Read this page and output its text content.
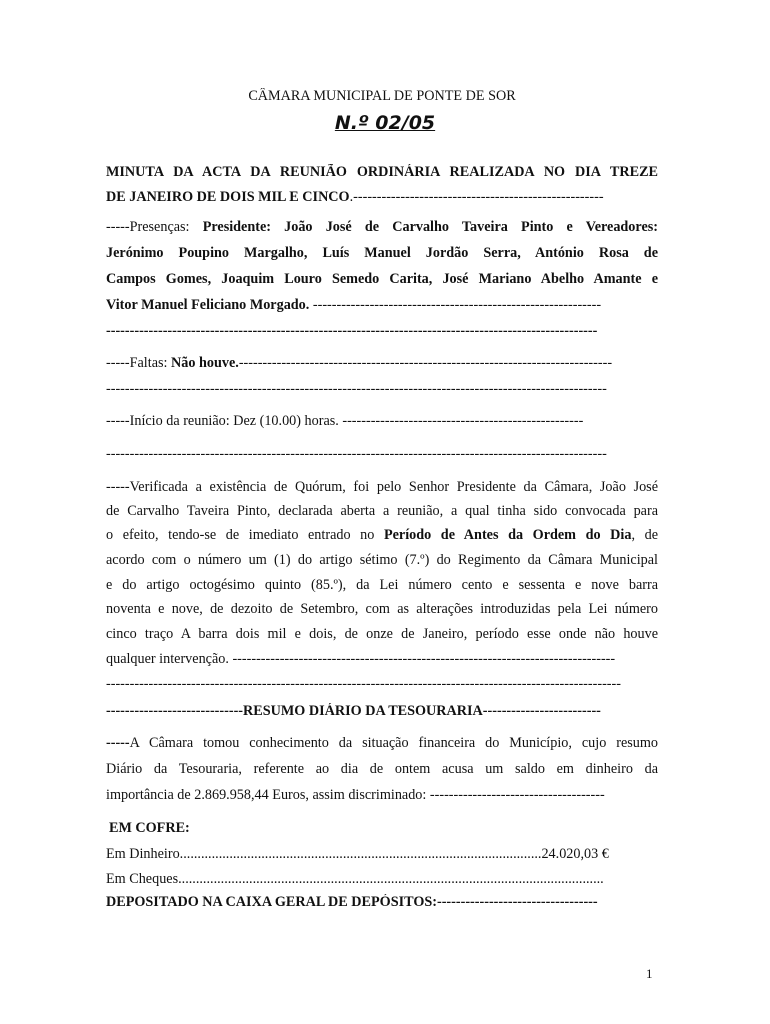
CÂMARA MUNICIPAL DE PONTE DE SOR
N.º 02/05
MINUTA DA ACTA DA REUNIÃO ORDINÁRIA REALIZADA NO DIA TREZE
DE JANEIRO DE DOIS MIL E CINCO.-----------------------------------------------------
-----Presenças: Presidente: João José de Carvalho Taveira Pinto e Vereadores:
Jerónimo Poupino Margalho, Luís Manuel Jordão Serra, António Rosa de
Campos Gomes, Joaquim Louro Semedo Carita, José Mariano Abelho Amante e
Vitor Manuel Feliciano Morgado. -------------------------------------------------------------
--------------------------------------------------------------------------------------------------------
-----Faltas: Não houve.-------------------------------------------------------------------------------
----------------------------------------------------------------------------------------------------------
-----Início da reunião: Dez (10.00) horas. ---------------------------------------------------
----------------------------------------------------------------------------------------------------------
-----Verificada a existência de Quórum, foi pelo Senhor Presidente da Câmara, João José
de Carvalho Taveira Pinto, declarada aberta a reunião, a qual tinha sido convocada para
o efeito, tendo-se de imediato entrado no Período de Antes da Ordem do Dia, de
acordo com o número um (1) do artigo sétimo (7.º) do Regimento da Câmara Municipal
e do artigo octogésimo quinto (85.º), da Lei número cento e sessenta e nove barra
noventa e nove, de dezoito de Setembro, com as alterações introduzidas pela Lei número
cinco traço A barra dois mil e dois, de onze de Janeiro, período esse onde não houve
qualquer intervenção. ---------------------------------------------------------------------------------
-------------------------------------------------------------------------------------------------------------
-----------------------------RESUMO DIÁRIO DA TESOURARIA-------------------------
-----A Câmara tomou conhecimento da situação financeira do Município, cujo resumo
Diário da Tesouraria, referente ao dia de ontem acusa um saldo em dinheiro da
importância de 2.869.958,44 Euros, assim discriminado: -------------------------------------
EM COFRE:
Em Dinheiro......................................................................................................24.020,03 €
Em Cheques........................................................................................................................
DEPOSITADO NA CAIXA GERAL DE DEPÓSITOS:----------------------------------
1
